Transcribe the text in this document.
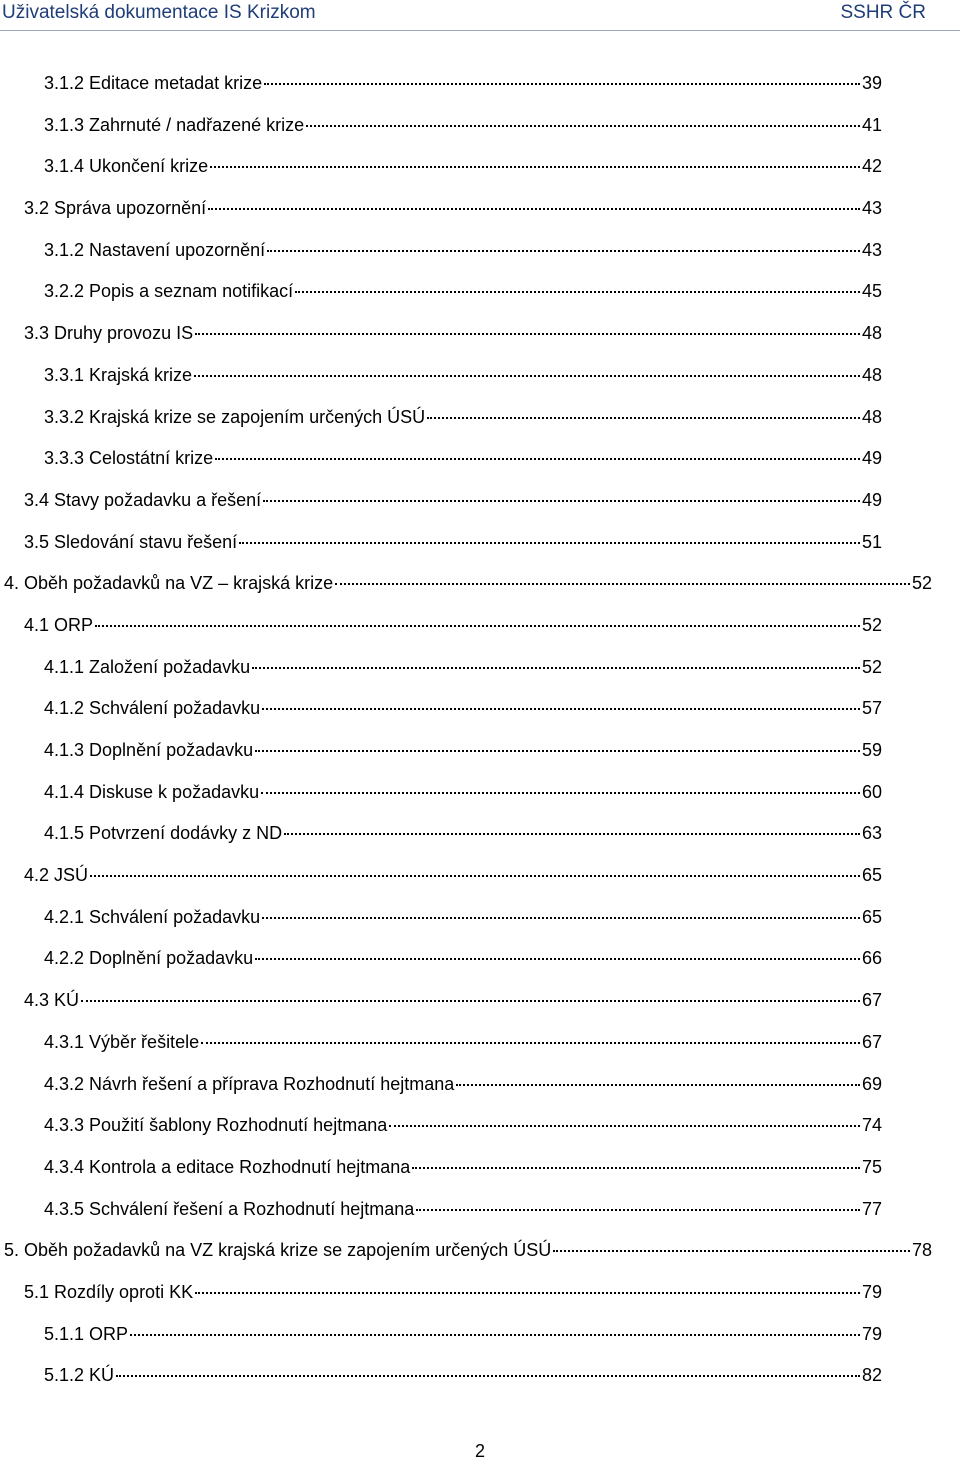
Uživatelská dokumentace IS Krizkom	SSHR ČR
3.1.2 Editace metadat krize	39
3.1.3 Zahrnuté / nadřazené krize	41
3.1.4 Ukončení krize	42
3.2 Správa upozornění	43
3.1.2 Nastavení upozornění	43
3.2.2 Popis a seznam notifikací	45
3.3 Druhy provozu IS	48
3.3.1 Krajská krize	48
3.3.2 Krajská krize se zapojením určených ÚSÚ	48
3.3.3 Celostátní krize	49
3.4 Stavy požadavku a řešení	49
3.5 Sledování stavu řešení	51
4. Oběh požadavků na VZ – krajská krize	52
4.1 ORP	52
4.1.1 Založení požadavku	52
4.1.2 Schválení požadavku	57
4.1.3 Doplnění požadavku	59
4.1.4 Diskuse k požadavku	60
4.1.5 Potvrzení dodávky z ND	63
4.2 JSÚ	65
4.2.1 Schválení požadavku	65
4.2.2 Doplnění požadavku	66
4.3 KÚ	67
4.3.1 Výběr řešitele	67
4.3.2 Návrh řešení a příprava Rozhodnutí hejtmana	69
4.3.3 Použití šablony Rozhodnutí hejtmana	74
4.3.4 Kontrola a editace Rozhodnutí hejtmana	75
4.3.5 Schválení řešení a Rozhodnutí hejtmana	77
5. Oběh požadavků na VZ krajská krize se zapojením určených ÚSÚ	78
5.1 Rozdíly oproti KK	79
5.1.1 ORP	79
5.1.2 KÚ	82
2
